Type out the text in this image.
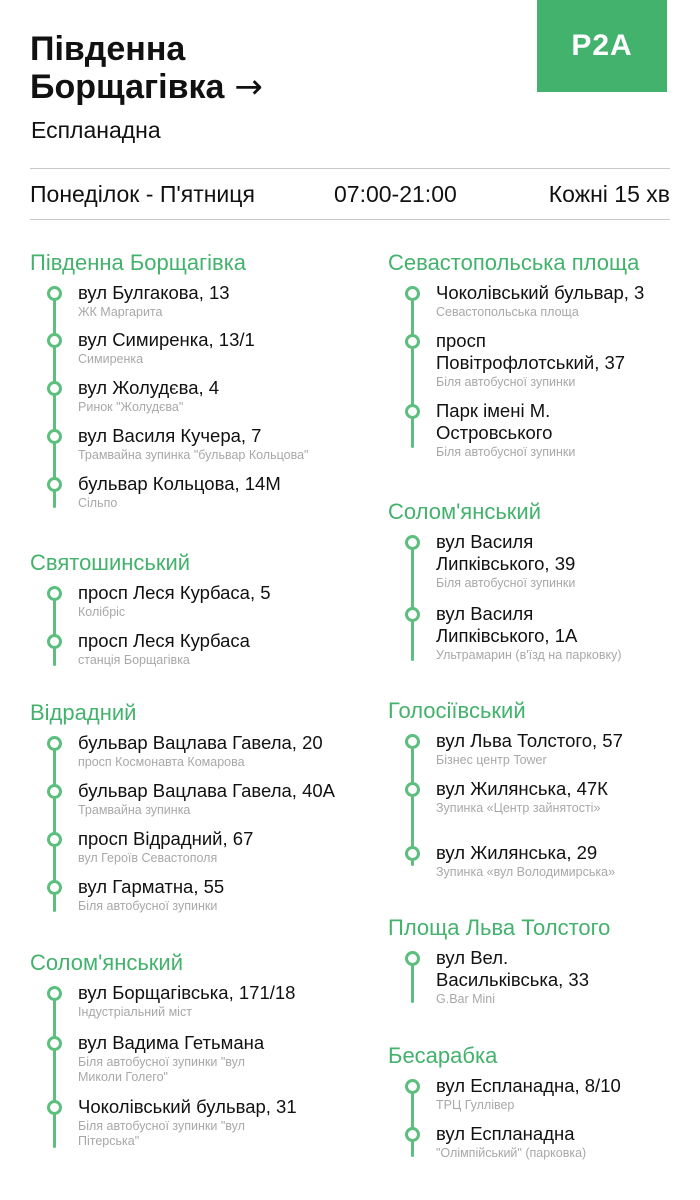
Південна
Борщагівка →
Еспланадна
Р2А
Понеділок - П'ятниця	07:00-21:00	Кожні 15 хв
Південна Борщагівка
вул Булгакова, 13
ЖК Маргарита
вул Симиренка, 13/1
Симиренка
вул Жолудєва, 4
Ринок "Жолудєва"
вул Василя Кучера, 7
Трамвайна зупинка "бульвар Кольцова"
бульвар Кольцова, 14М
Сільпо
Святошинський
просп Леся Курбаса, 5
Колібріс
просп Леся Курбаса
станція Борщагівка
Відрадний
бульвар Вацлава Гавела, 20
просп Космонавта Комарова
бульвар Вацлава Гавела, 40А
Трамвайна зупинка
просп Відрадний, 67
вул Героїв Севастополя
вул Гарматна, 55
Біля автобусної зупинки
Солом'янський
вул Борщагівська, 171/18
Індустріальний міст
вул Вадима Гетьмана
Біля автобусної зупинки "вул Миколи Голего"
Чоколівський бульвар, 31
Біля автобусної зупинки "вул Пітерська"
Севастопольська площа
Чоколівський бульвар, 3
Севастопольська площа
просп Повітрофлотський, 37
Біля автобусної зупинки
Парк імені М. Островського
Біля автобусної зупинки
Солом'янський
вул Василя Липківського, 39
Біля автобусної зупинки
вул Василя Липківського, 1А
Ультрамарин (в'їзд на парковку)
Голосіївський
вул Льва Толстого, 57
Бізнес центр Tower
вул Жилянська, 47К
Зупинка «Центр зайнятості»
вул Жилянська, 29
Зупинка «вул Володимирська»
Площа Льва Толстого
вул Вел. Васильківська, 33
G.Bar Mini
Бесарабка
вул Еспланадна, 8/10
ТРЦ Гуллівер
вул Еспланадна
"Олімпійський" (парковка)
